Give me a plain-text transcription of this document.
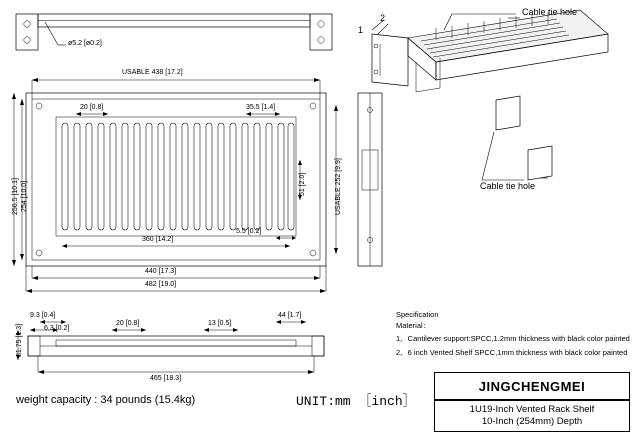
ø5.2 [ø0.2]
USABLE 438 [17.2]
20 [0.8]	35.5 [1.4]
256.5 [10.1] 254 [10.0]	USABLE 252 [9.9]
51 [2.0]
360 [14.2]
5.5 [0.2]
440 [17.3]
482 [19.0]
1
2
Cable tie hole
Cable tie hole
9.3 [0.4]
6.3 [0.2]
20 [0.8]	13 [0.5]
44 [1.7]
31.75 [1.3]
465 [18.3]
Specification
Material：
1、Cantilever support:SPCC,1.2mm thickness with black color painted
2、6 inch Vented Shelf SPCC,1mm thickness with black color painted
weight capacity : 34 pounds (15.4kg)	UNIT:mm ［inch］
JINGCHENGMEI
1U19-Inch Vented Rack Shelf
10-Inch (254mm) Depth
